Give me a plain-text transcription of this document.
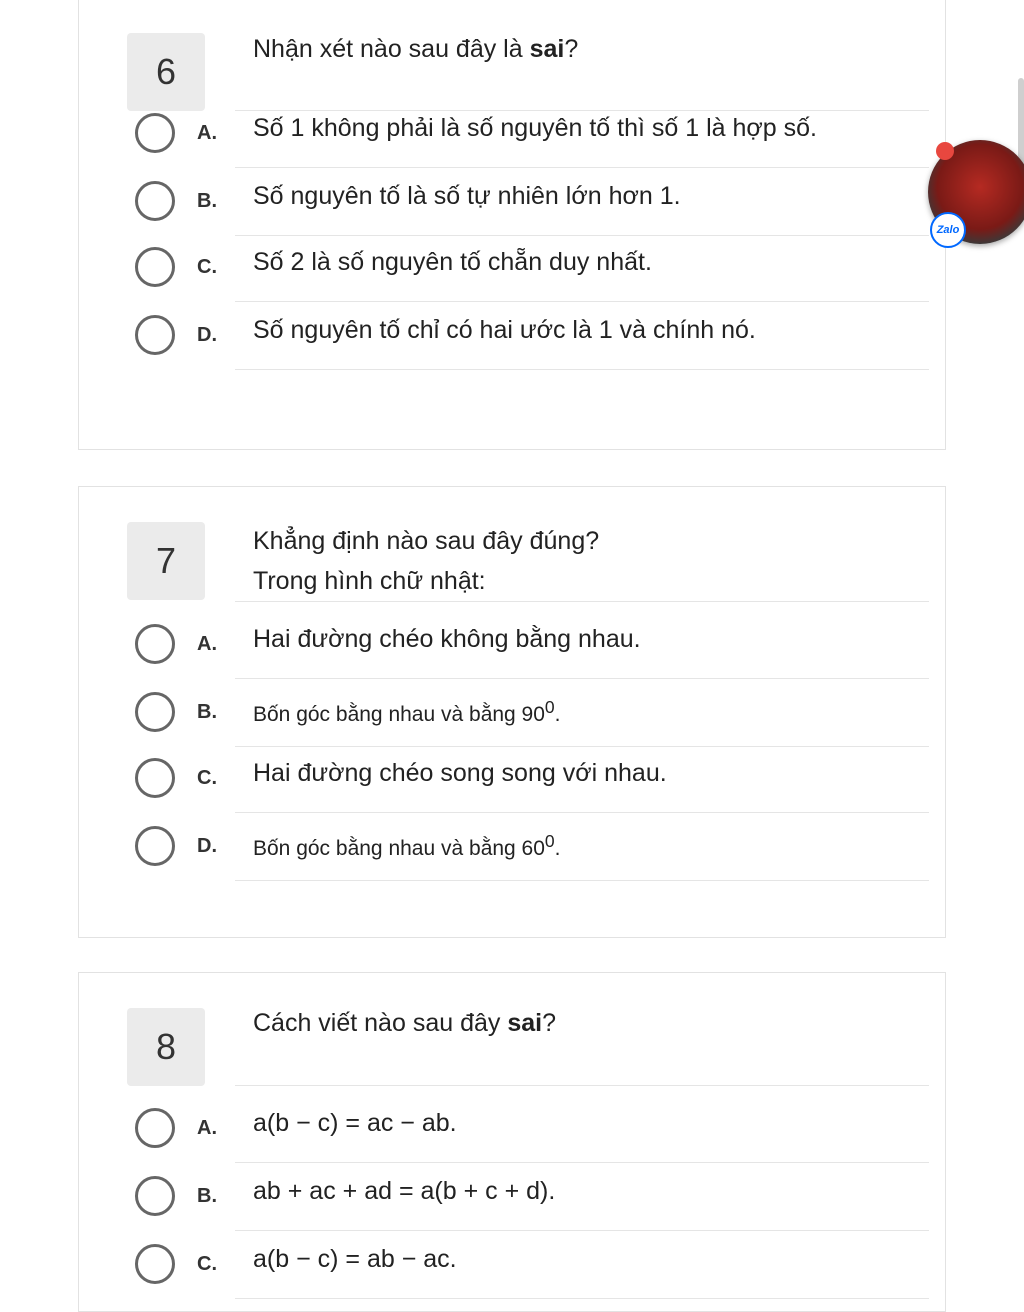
6
Nhận xét nào sau đây là sai?
A. Số 1 không phải là số nguyên tố thì số 1 là hợp số.
B. Số nguyên tố là số tự nhiên lớn hơn 1.
C. Số 2 là số nguyên tố chẵn duy nhất.
D. Số nguyên tố chỉ có hai ước là 1 và chính nó.
7	Khẳng định nào sau đây đúng?
Trong hình chữ nhật:
A. Hai đường chéo không bằng nhau.
B. Bốn góc bằng nhau và bằng $90^0$.
C. Hai đường chéo song song với nhau.
D. Bốn góc bằng nhau và bằng $60^0$.
8
Cách viết nào sau đây sai?
A. a(b − c) = ac − ab.
B. ab + ac + ad = a(b + c + d).
C. a(b − c) = ab − ac.
Zalo
